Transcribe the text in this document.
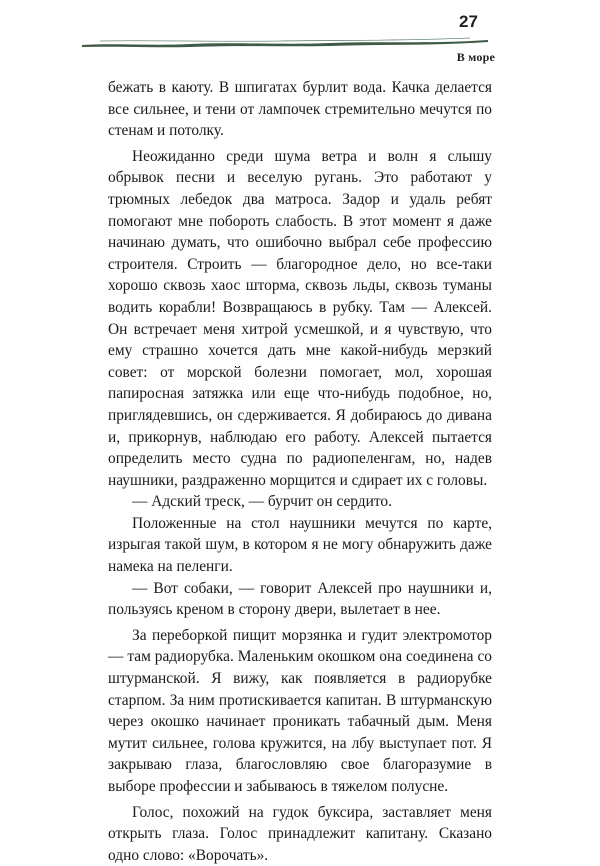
27
В море

бежать в каюту. В шпигатах бурлит вода. Качка делается все сильнее, и тени от лампочек стремительно мечутся по стенам и потолку.

Неожиданно среди шума ветра и волн я слышу обрывок песни и веселую ругань. Это работают у трюмных лебедок два матроса. Задор и удаль ребят помогают мне побороть слабость. В этот момент я даже начинаю думать, что ошибочно выбрал себе профессию строителя. Строить — благородное дело, но все-таки хорошо сквозь хаос шторма, сквозь льды, сквозь туманы водить корабли! Возвращаюсь в рубку. Там — Алексей. Он встречает меня хитрой усмешкой, и я чувствую, что ему страшно хочется дать мне какой-нибудь мерзкий совет: от морской болезни помогает, мол, хорошая папиросная затяжка или еще что-нибудь подобное, но, приглядевшись, он сдерживается. Я добираюсь до дивана и, прикорнув, наблюдаю его работу. Алексей пытается определить место судна по радиопеленгам, но, надев наушники, раздраженно морщится и сдирает их с головы.

— Адский треск, — бурчит он сердито.

Положенные на стол наушники мечутся по карте, изрыгая такой шум, в котором я не могу обнаружить даже намека на пеленги.

— Вот собаки, — говорит Алексей про наушники и, пользуясь креном в сторону двери, вылетает в нее.

За переборкой пищит морзянка и гудит электромотор — там радиорубка. Маленьким окошком она соединена со штурманской. Я вижу, как появляется в радиорубке старпом. За ним протискивается капитан. В штурманскую через окошко начинает проникать табачный дым. Меня мутит сильнее, голова кружится, на лбу выступает пот. Я закрываю глаза, благословляю свое благоразумие в выборе профессии и забываюсь в тяжелом полусне.

Голос, похожий на гудок буксира, заставляет меня открыть глаза. Голос принадлежит капитану. Сказано одно слово: «Ворочать».
